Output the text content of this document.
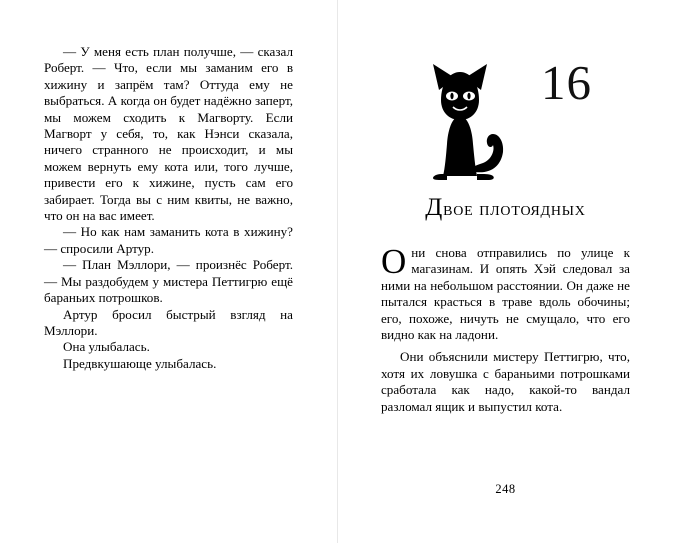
— У меня есть план получше, — сказал Роберт. — Что, если мы заманим его в хижину и запрём там? Оттуда ему не выбраться. А когда он будет надёжно заперт, мы можем сходить к Магворту. Если Магворт у себя, то, как Нэнси сказала, ничего странного не происходит, и мы можем вернуть ему кота или, того лучше, привести его к хижине, пусть сам его забирает. Тогда вы с ним квиты, не важно, что он на вас имеет.

— Но как нам заманить кота в хижину? — спросили Артур.

— План Мэллори, — произнёс Роберт. — Мы раздобудем у мистера Петтигрю ещё бараньих потрошков.

Артур бросил быстрый взгляд на Мэллори.

Она улыбалась.

Предвкушающе улыбалась.

16
Двое плотоядных
О ни снова отправились по улице к магазинам. И опять Хэй следовал за ними на небольшом расстоянии. Он даже не пытался красться в траве вдоль обочины; его, похоже, ничуть не смущало, что его видно как на ладони.

Они объяснили мистеру Петтигрю, что, хотя их ловушка с бараньими потрошками сработала как надо, какой-то вандал разломал ящик и выпустил кота.

248
